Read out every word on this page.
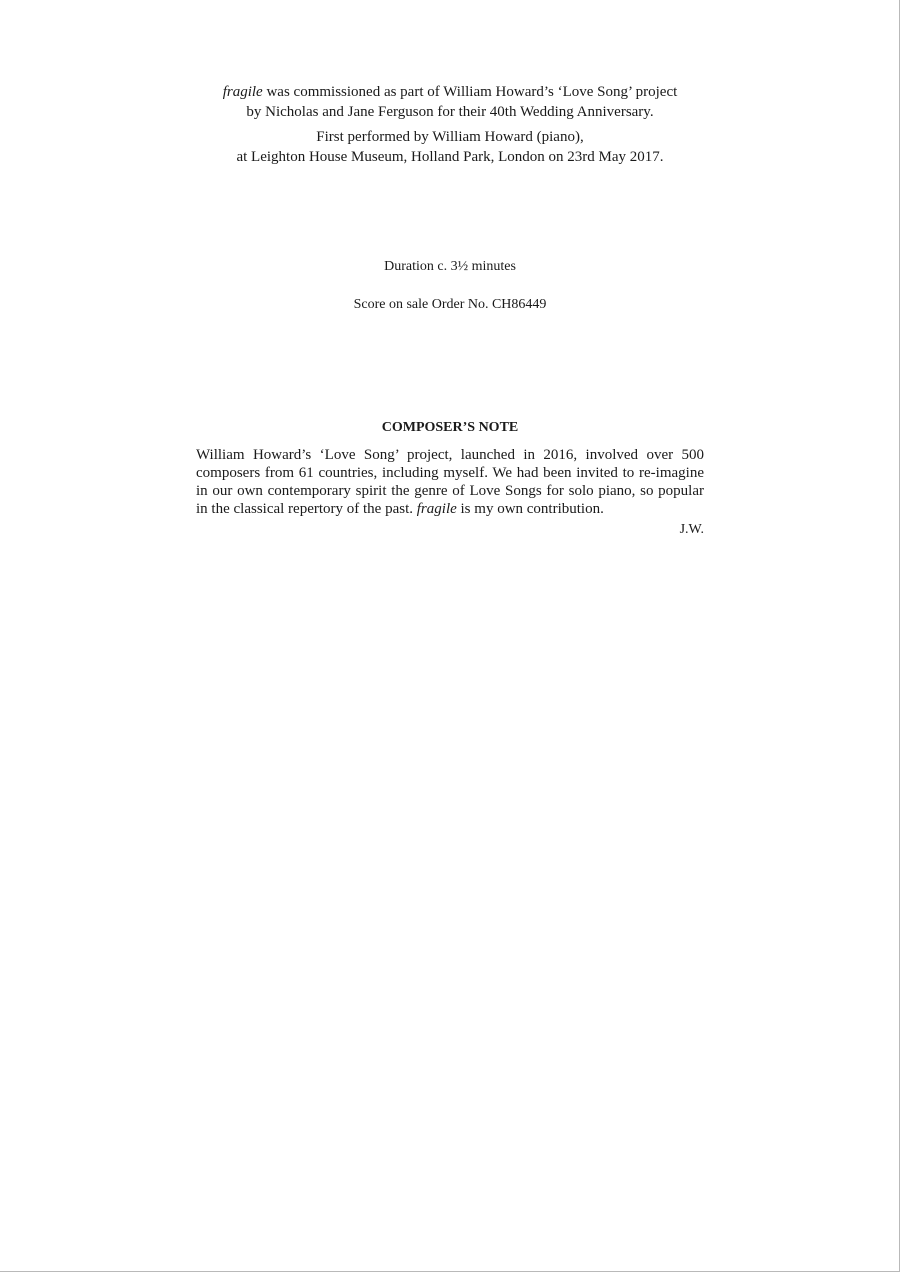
fragile was commissioned as part of William Howard’s ‘Love Song’ project
by Nicholas and Jane Ferguson for their 40th Wedding Anniversary.

First performed by William Howard (piano),
at Leighton House Museum, Holland Park, London on 23rd May 2017.

Duration c. 3½ minutes

Score on sale Order No. CH86449

COMPOSER’S NOTE

William Howard’s ‘Love Song’ project, launched in 2016, involved over 500 composers from 61 countries, including myself. We had been invited to re-imagine in our own contemporary spirit the genre of Love Songs for solo piano, so popular in the classical repertory of the past. fragile is my own contribution.

J.W.
